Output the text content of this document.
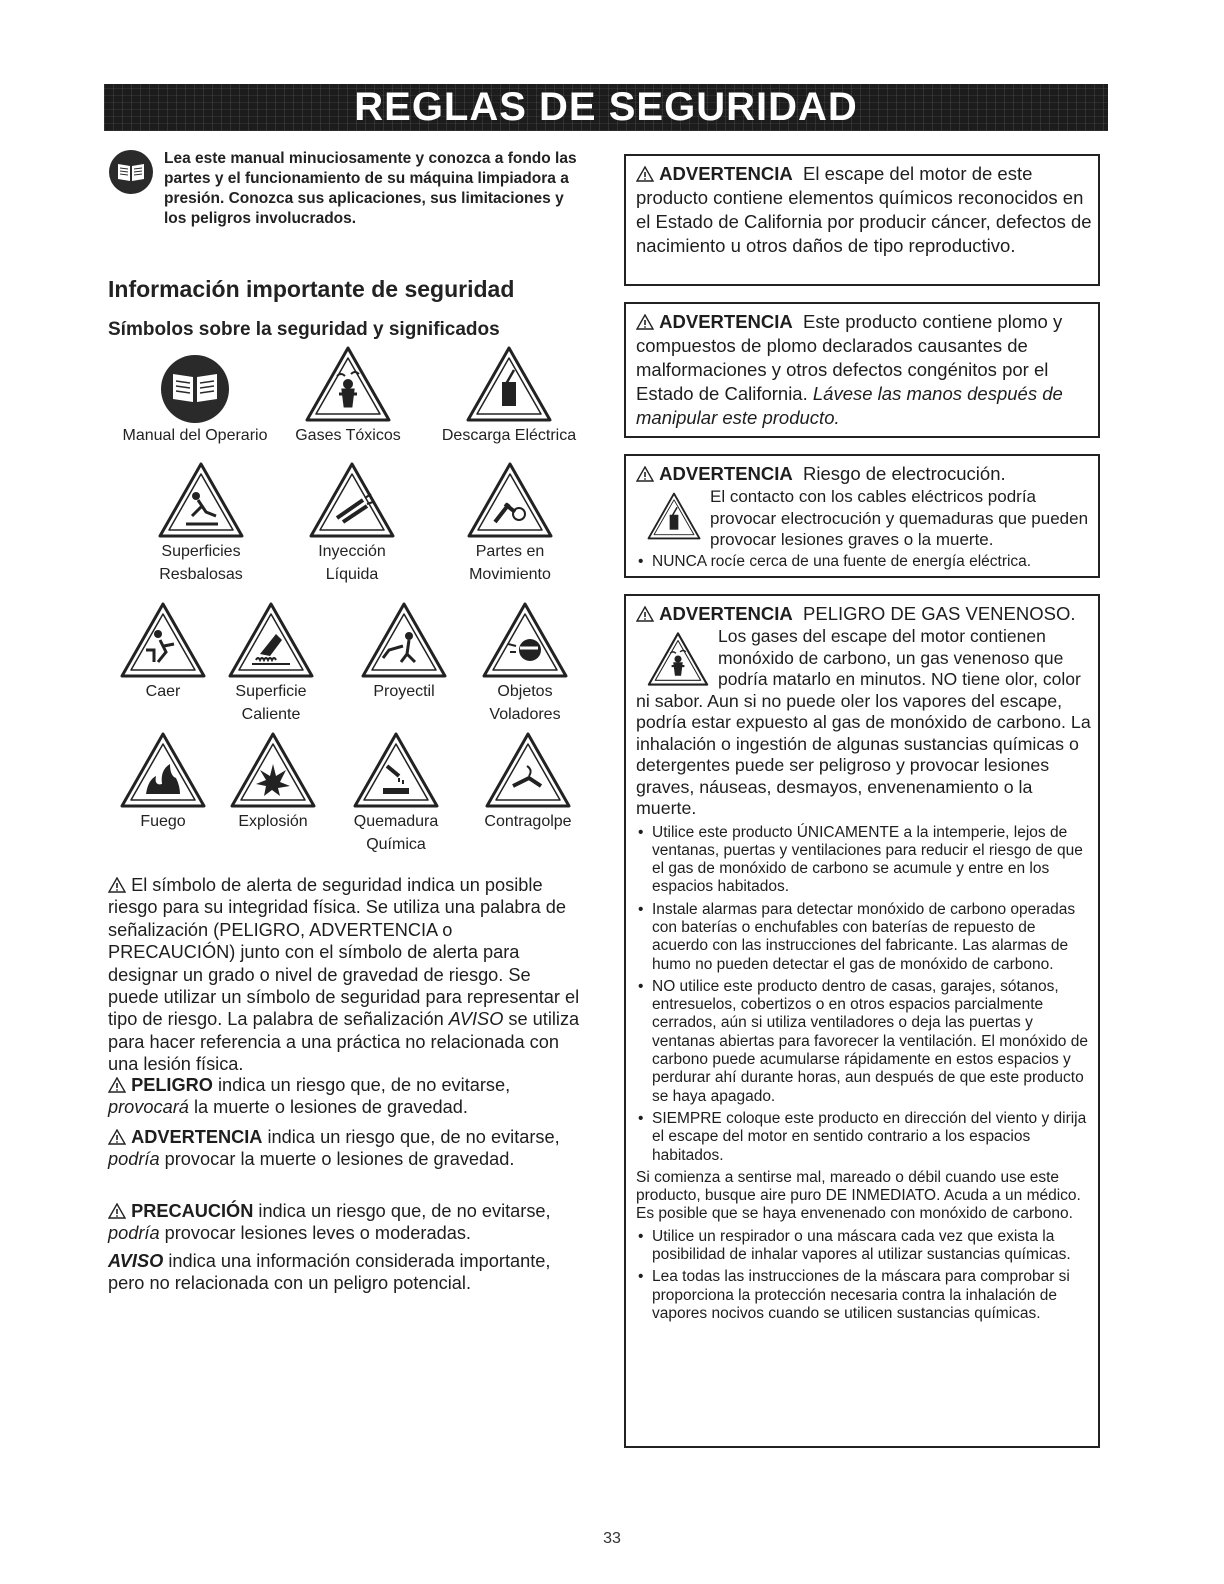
REGLAS DE SEGURIDAD

Lea este manual minuciosamente y conozca a fondo las partes y el funcionamiento de su máquina limpiadora a presión. Conozca sus aplicaciones, sus limitaciones y los peligros involucrados.

Información importante de seguridad
Símbolos sobre la seguridad y significados
Manual del Operario	Gases Tóxicos	Descarga Eléctrica
Superficies
Resbalosas
Inyección
Líquida
Partes en
Movimiento
Caer	Superficie
Caliente
Proyectil	Objetos
Voladores
Fuego	Explosión	Quemadura
Química
Contragolpe

El símbolo de alerta de seguridad indica un posible riesgo para su integridad física. Se utiliza una palabra de señalización (PELIGRO, ADVERTENCIA o PRECAUCIÓN) junto con el símbolo de alerta para designar un grado o nivel de gravedad de riesgo. Se puede utilizar un símbolo de seguridad para representar el tipo de riesgo. La palabra de señalización AVISO se utiliza para hacer referencia a una práctica no relacionada con una lesión física.

PELIGRO indica un riesgo que, de no evitarse, provocará la muerte o lesiones de gravedad.

ADVERTENCIA indica un riesgo que, de no evitarse, podría provocar la muerte o lesiones de gravedad.

PRECAUCIÓN indica un riesgo que, de no evitarse, podría provocar lesiones leves o moderadas.

AVISO indica una información considerada importante, pero no relacionada con un peligro potencial.

ADVERTENCIA El escape del motor de este producto contiene elementos químicos reconocidos en el Estado de California por producir cáncer, defectos de nacimiento u otros daños de tipo reproductivo.

ADVERTENCIA Este producto contiene plomo y compuestos de plomo declarados causantes de malformaciones y otros defectos congénitos por el Estado de California. Lávese las manos después de manipular este producto.

ADVERTENCIA Riesgo de electrocución.

El contacto con los cables eléctricos podría provocar electrocución y quemaduras que pueden provocar lesiones graves o la muerte.

• NUNCA rocíe cerca de una fuente de energía eléctrica.

ADVERTENCIA PELIGRO DE GAS VENENOSO.

Los gases del escape del motor contienen monóxido de carbono, un gas venenoso que podría matarlo en minutos. NO tiene olor, color

ni sabor. Aun si no puede oler los vapores del escape, podría estar expuesto al gas de monóxido de carbono. La inhalación o ingestión de algunas sustancias químicas o detergentes puede ser peligroso y provocar lesiones graves, náuseas, desmayos, envenenamiento o la muerte.

• Utilice este producto ÚNICAMENTE a la intemperie, lejos de ventanas, puertas y ventilaciones para reducir el riesgo de que el gas de monóxido de carbono se acumule y entre en los espacios habitados.
• Instale alarmas para detectar monóxido de carbono operadas con baterías o enchufables con baterías de repuesto de acuerdo con las instrucciones del fabricante. Las alarmas de humo no pueden detectar el gas de monóxido de carbono.
• NO utilice este producto dentro de casas, garajes, sótanos, entresuelos, cobertizos o en otros espacios parcialmente cerrados, aún si utiliza ventiladores o deja las puertas y ventanas abiertas para favorecer la ventilación. El monóxido de carbono puede acumularse rápidamente en estos espacios y perdurar ahí durante horas, aun después de que este producto se haya apagado.
• SIEMPRE coloque este producto en dirección del viento y dirija el escape del motor en sentido contrario a los espacios habitados.

Si comienza a sentirse mal, mareado o débil cuando use este producto, busque aire puro DE INMEDIATO. Acuda a un médico. Es posible que se haya envenenado con monóxido de carbono.

• Utilice un respirador o una máscara cada vez que exista la posibilidad de inhalar vapores al utilizar sustancias químicas.
• Lea todas las instrucciones de la máscara para comprobar si proporciona la protección necesaria contra la inhalación de vapores nocivos cuando se utilicen sustancias químicas.
33
